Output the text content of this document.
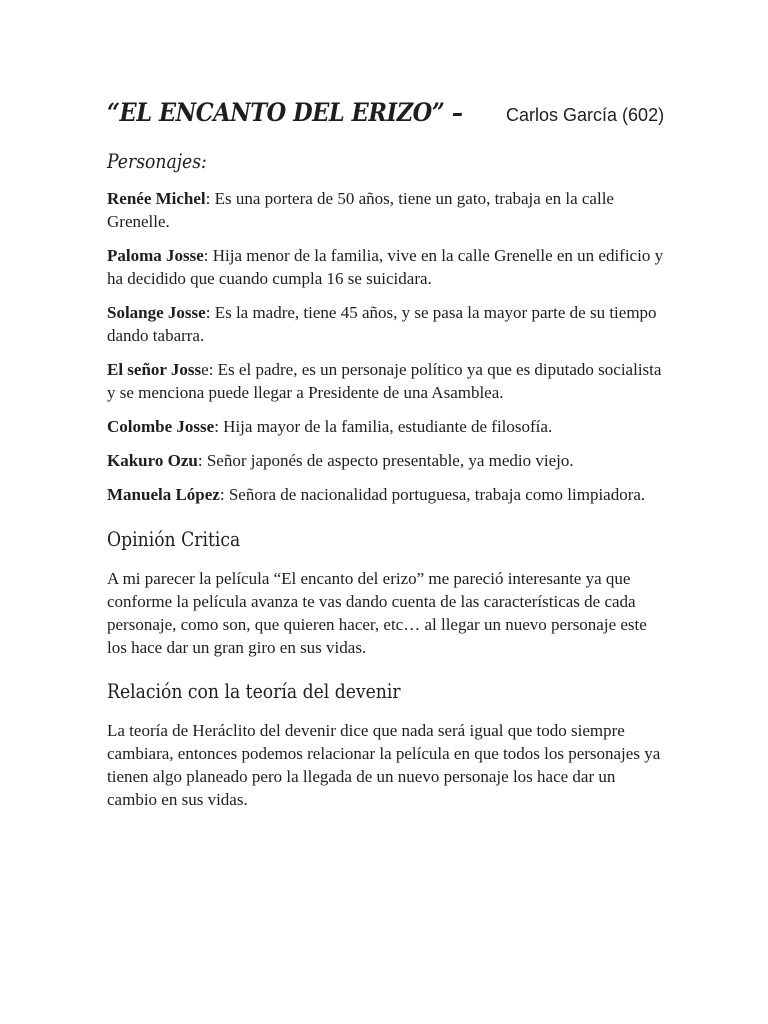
“EL ENCANTO DEL ERIZO” – Carlos García (602)

Personajes:

Renée Michel: Es una portera de 50 años, tiene un gato, trabaja en la calle Grenelle.

Paloma Josse: Hija menor de la familia, vive en la calle Grenelle en un edificio y ha decidido que cuando cumpla 16 se suicidara.

Solange Josse: Es la madre, tiene 45 años, y se pasa la mayor parte de su tiempo dando tabarra.

El señor Josse: Es el padre, es un personaje político ya que es diputado socialista y se menciona puede llegar a Presidente de una Asamblea.

Colombe Josse: Hija mayor de la familia, estudiante de filosofía.

Kakuro Ozu: Señor japonés de aspecto presentable, ya medio viejo.

Manuela López: Señora de nacionalidad portuguesa, trabaja como limpiadora.

Opinión Critica

A mi parecer la película “El encanto del erizo” me pareció interesante ya que conforme la película avanza te vas dando cuenta de las características de cada personaje, como son, que quieren hacer, etc… al llegar un nuevo personaje este los hace dar un gran giro en sus vidas.

Relación con la teoría del devenir

La teoría de Heráclito del devenir dice que nada será igual que todo siempre cambiara, entonces podemos relacionar la película en que todos los personajes ya tienen algo planeado pero la llegada de un nuevo personaje los hace dar un cambio en sus vidas.
